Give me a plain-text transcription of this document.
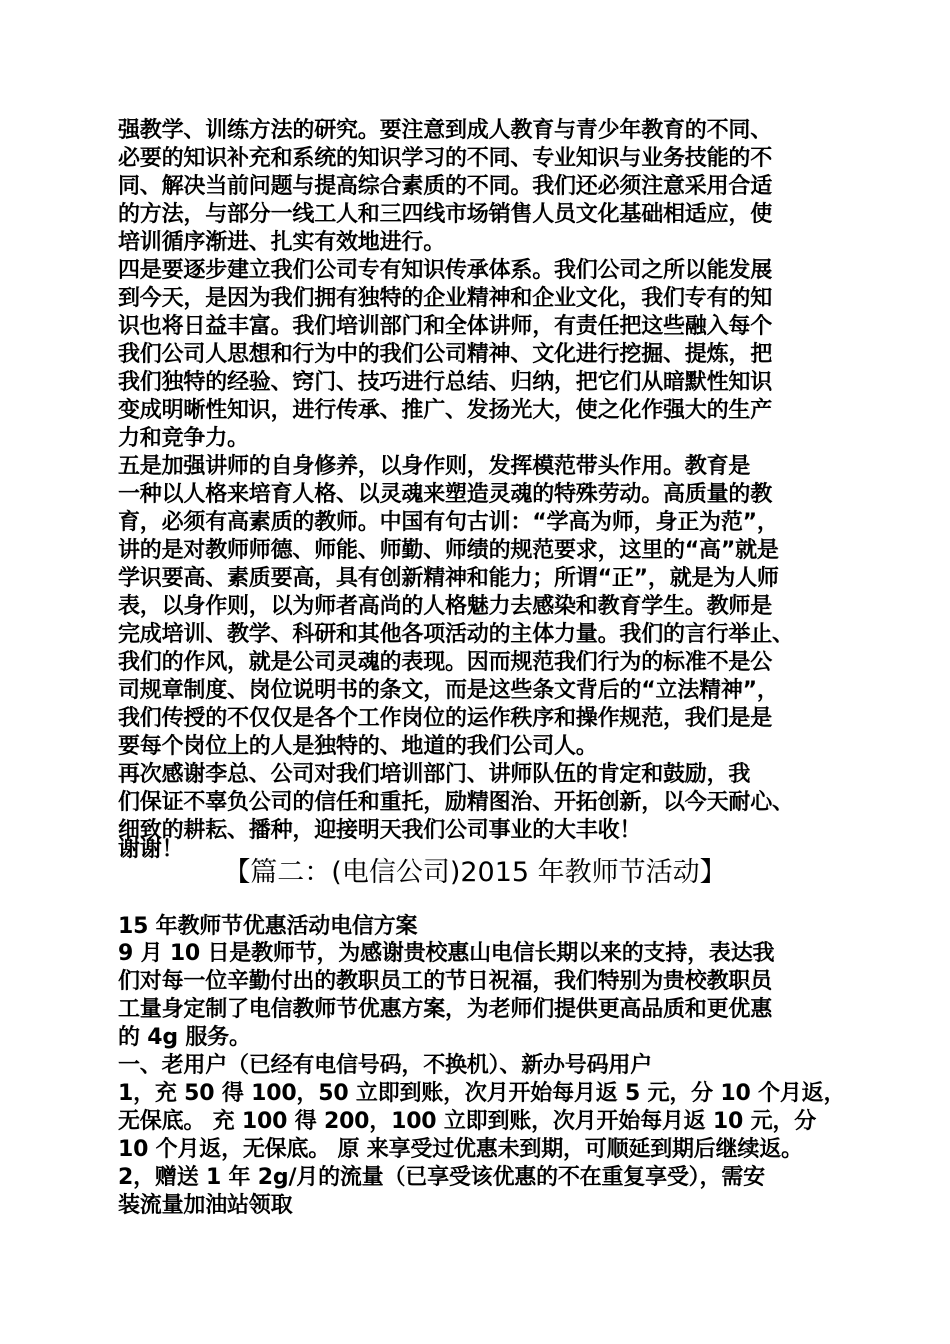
强教学、训练方法的研究。要注意到成人教育与青少年教育的不同、
必要的知识补充和系统的知识学习的不同、专业知识与业务技能的不
同、解决当前问题与提高综合素质的不同。我们还必须注意采用合适
的方法，与部分一线工人和三四线市场销售人员文化基础相适应，使
培训循序渐进、扎实有效地进行。
四是要逐步建立我们公司专有知识传承体系。我们公司之所以能发展
到今天，是因为我们拥有独特的企业精神和企业文化，我们专有的知
识也将日益丰富。我们培训部门和全体讲师，有责任把这些融入每个
我们公司人思想和行为中的我们公司精神、文化进行挖掘、提炼，把
我们独特的经验、窍门、技巧进行总结、归纳，把它们从暗默性知识
变成明晰性知识，进行传承、推广、发扬光大，使之化作强大的生产
力和竞争力。
五是加强讲师的自身修养，以身作则，发挥模范带头作用。教育是
一种以人格来培育人格、以灵魂来塑造灵魂的特殊劳动。高质量的教
育，必须有高素质的教师。中国有句古训：“学高为师，身正为范”，
讲的是对教师师德、师能、师勤、师绩的规范要求，这里的“高”就是
学识要高、素质要高，具有创新精神和能力；所谓“正”，就是为人师
表，以身作则，以为师者高尚的人格魅力去感染和教育学生。教师是
完成培训、教学、科研和其他各项活动的主体力量。我们的言行举止、
我们的作风，就是公司灵魂的表现。因而规范我们行为的标准不是公
司规章制度、岗位说明书的条文，而是这些条文背后的“立法精神”，
我们传授的不仅仅是各个工作岗位的运作秩序和操作规范，我们是是
要每个岗位上的人是独特的、地道的我们公司人。
再次感谢李总、公司对我们培训部门、讲师队伍的肯定和鼓励，我
们保证不辜负公司的信任和重托，励精图治、开拓创新，以今天耐心、
细致的耕耘、播种，迎接明天我们公司事业的大丰收！
谢谢！
【篇二：(电信公司)2015 年教师节活动】
15 年教师节优惠活动电信方案
9 月 10 日是教师节，为感谢贵校惠山电信长期以来的支持，表达我
们对每一位辛勤付出的教职员工的节日祝福，我们特别为贵校教职员
工量身定制了电信教师节优惠方案，为老师们提供更高品质和更优惠
的 4g 服务。
一、老用户（已经有电信号码，不换机）、新办号码用户
1，充 50 得 100，50 立即到账，次月开始每月返 5 元，分 10 个月返，
无保底。 充 100 得 200，100 立即到账，次月开始每月返 10 元，分
10 个月返，无保底。 原 来享受过优惠未到期，可顺延到期后继续返。
2，赠送 1 年 2g/月的流量（已享受该优惠的不在重复享受），需安
装流量加油站领取
